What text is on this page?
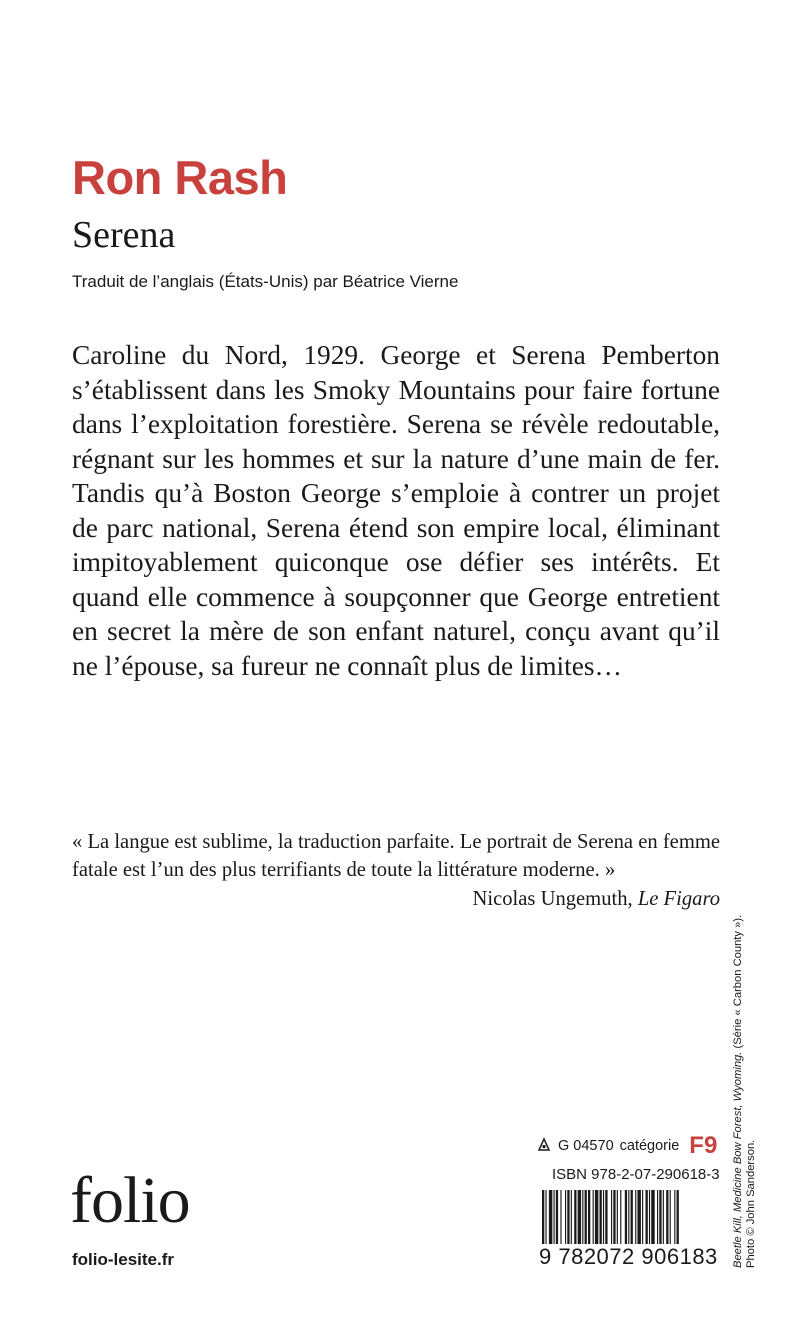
Ron Rash
Serena
Traduit de l’anglais (États-Unis) par Béatrice Vierne

Caroline du Nord, 1929. George et Serena Pemberton s’établissent dans les Smoky Mountains pour faire fortune dans l’exploitation forestière. Serena se révèle redoutable, régnant sur les hommes et sur la nature d’une main de fer. Tandis qu’à Boston George s’emploie à contrer un projet de parc national, Serena étend son empire local, éliminant impitoyablement quiconque ose défier ses intérêts. Et quand elle commence à soupçonner que George entretient en secret la mère de son enfant naturel, conçu avant qu’il ne l’épouse, sa fureur ne connaît plus de limites…

« La langue est sublime, la traduction parfaite. Le portrait de Serena en femme fatale est l’un des plus terrifiants de toute la littérature moderne. »

Nicolas Ungemuth, Le Figaro
Beetle Kill, Medicine Bow Forest, Wyoming. (Série « Carbon County »).
Photo © John Sanderson.
folio
folio-lesite.fr
G 04570 catégorie F9
ISBN 978-2-07-290618-3
9 782072 906183
